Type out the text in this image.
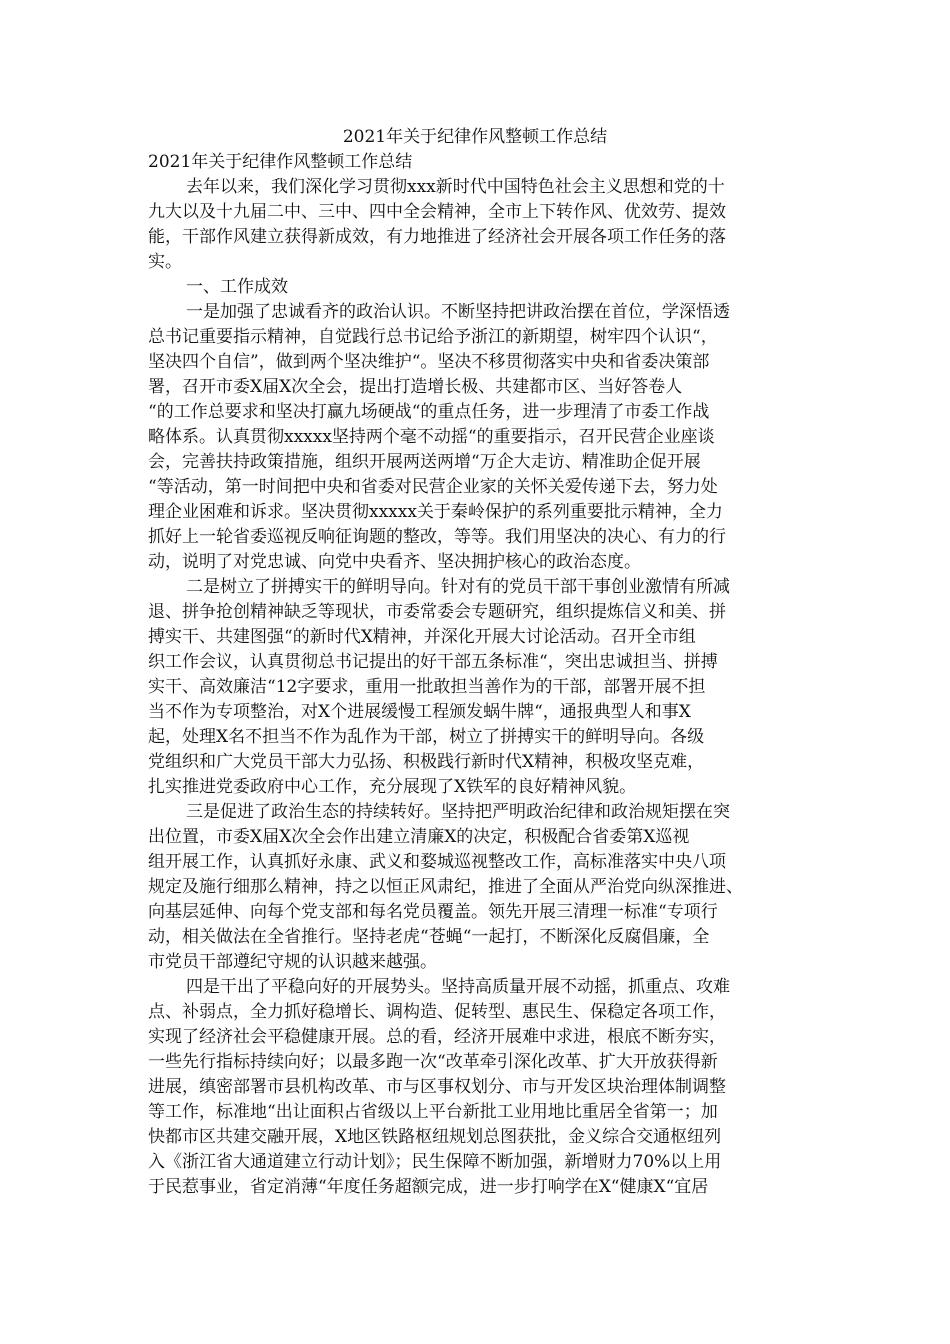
2021年关于纪律作风整顿工作总结

2021年关于纪律作风整顿工作总结

去年以来，我们深化学习贯彻xxx新时代中国特色社会主义思想和党的十

九大以及十九届二中、三中、四中全会精神，全市上下转作风、优效劳、提效

能，干部作风建立获得新成效，有力地推进了经济社会开展各项工作任务的落

实。

一、工作成效

一是加强了忠诚看齐的政治认识。不断坚持把讲政治摆在首位，学深悟透

总书记重要指示精神，自觉践行总书记给予浙江的新期望，树牢四个认识“，

坚决四个自信”，做到两个坚决维护“。坚决不移贯彻落实中央和省委决策部

署，召开市委X届X次全会，提出打造增长极、共建都市区、当好答卷人

“的工作总要求和坚决打赢九场硬战“的重点任务，进一步理清了市委工作战

略体系。认真贯彻xxxxx坚持两个毫不动摇“的重要指示，召开民营企业座谈

会，完善扶持政策措施，组织开展两送两增“万企大走访、精准助企促开展

“等活动，第一时间把中央和省委对民营企业家的关怀关爱传递下去，努力处

理企业困难和诉求。坚决贯彻xxxxx关于秦岭保护的系列重要批示精神，全力

抓好上一轮省委巡视反响征询题的整改，等等。我们用坚决的决心、有力的行

动，说明了对党忠诚、向党中央看齐、坚决拥护核心的政治态度。

二是树立了拼搏实干的鲜明导向。针对有的党员干部干事创业激情有所减

退、拼争抢创精神缺乏等现状，市委常委会专题研究，组织提炼信义和美、拼

搏实干、共建图强“的新时代X精神，并深化开展大讨论活动。召开全市组

织工作会议，认真贯彻总书记提出的好干部五条标准“，突出忠诚担当、拼搏

实干、高效廉洁“12字要求，重用一批敢担当善作为的干部，部署开展不担

当不作为专项整治，对X个进展缓慢工程颁发蜗牛牌“，通报典型人和事X

起，处理X名不担当不作为乱作为干部，树立了拼搏实干的鲜明导向。各级

党组织和广大党员干部大力弘扬、积极践行新时代X精神，积极攻坚克难，

扎实推进党委政府中心工作，充分展现了X铁军的良好精神风貌。

三是促进了政治生态的持续转好。坚持把严明政治纪律和政治规矩摆在突

出位置，市委X届X次全会作出建立清廉X的决定，积极配合省委第X巡视

组开展工作，认真抓好永康、武义和婺城巡视整改工作，高标准落实中央八项

规定及施行细那么精神，持之以恒正风肃纪，推进了全面从严治党向纵深推进、

向基层延伸、向每个党支部和每名党员覆盖。领先开展三清理一标准“专项行

动，相关做法在全省推行。坚持老虎“苍蝇“一起打，不断深化反腐倡廉，全

市党员干部遵纪守规的认识越来越强。

四是干出了平稳向好的开展势头。坚持高质量开展不动摇，抓重点、攻难

点、补弱点，全力抓好稳增长、调构造、促转型、惠民生、保稳定各项工作，

实现了经济社会平稳健康开展。总的看，经济开展难中求进，根底不断夯实，

一些先行指标持续向好；以最多跑一次“改革牵引深化改革、扩大开放获得新

进展，缜密部署市县机构改革、市与区事权划分、市与开发区块治理体制调整

等工作，标准地“出让面积占省级以上平台新批工业用地比重居全省第一；加

快都市区共建交融开展，X地区铁路枢纽规划总图获批，金义综合交通枢纽列

入《浙江省大通道建立行动计划》；民生保障不断加强，新增财力70%以上用

于民惹事业，省定消薄“年度任务超额完成，进一步打响学在X“健康X“宜居
